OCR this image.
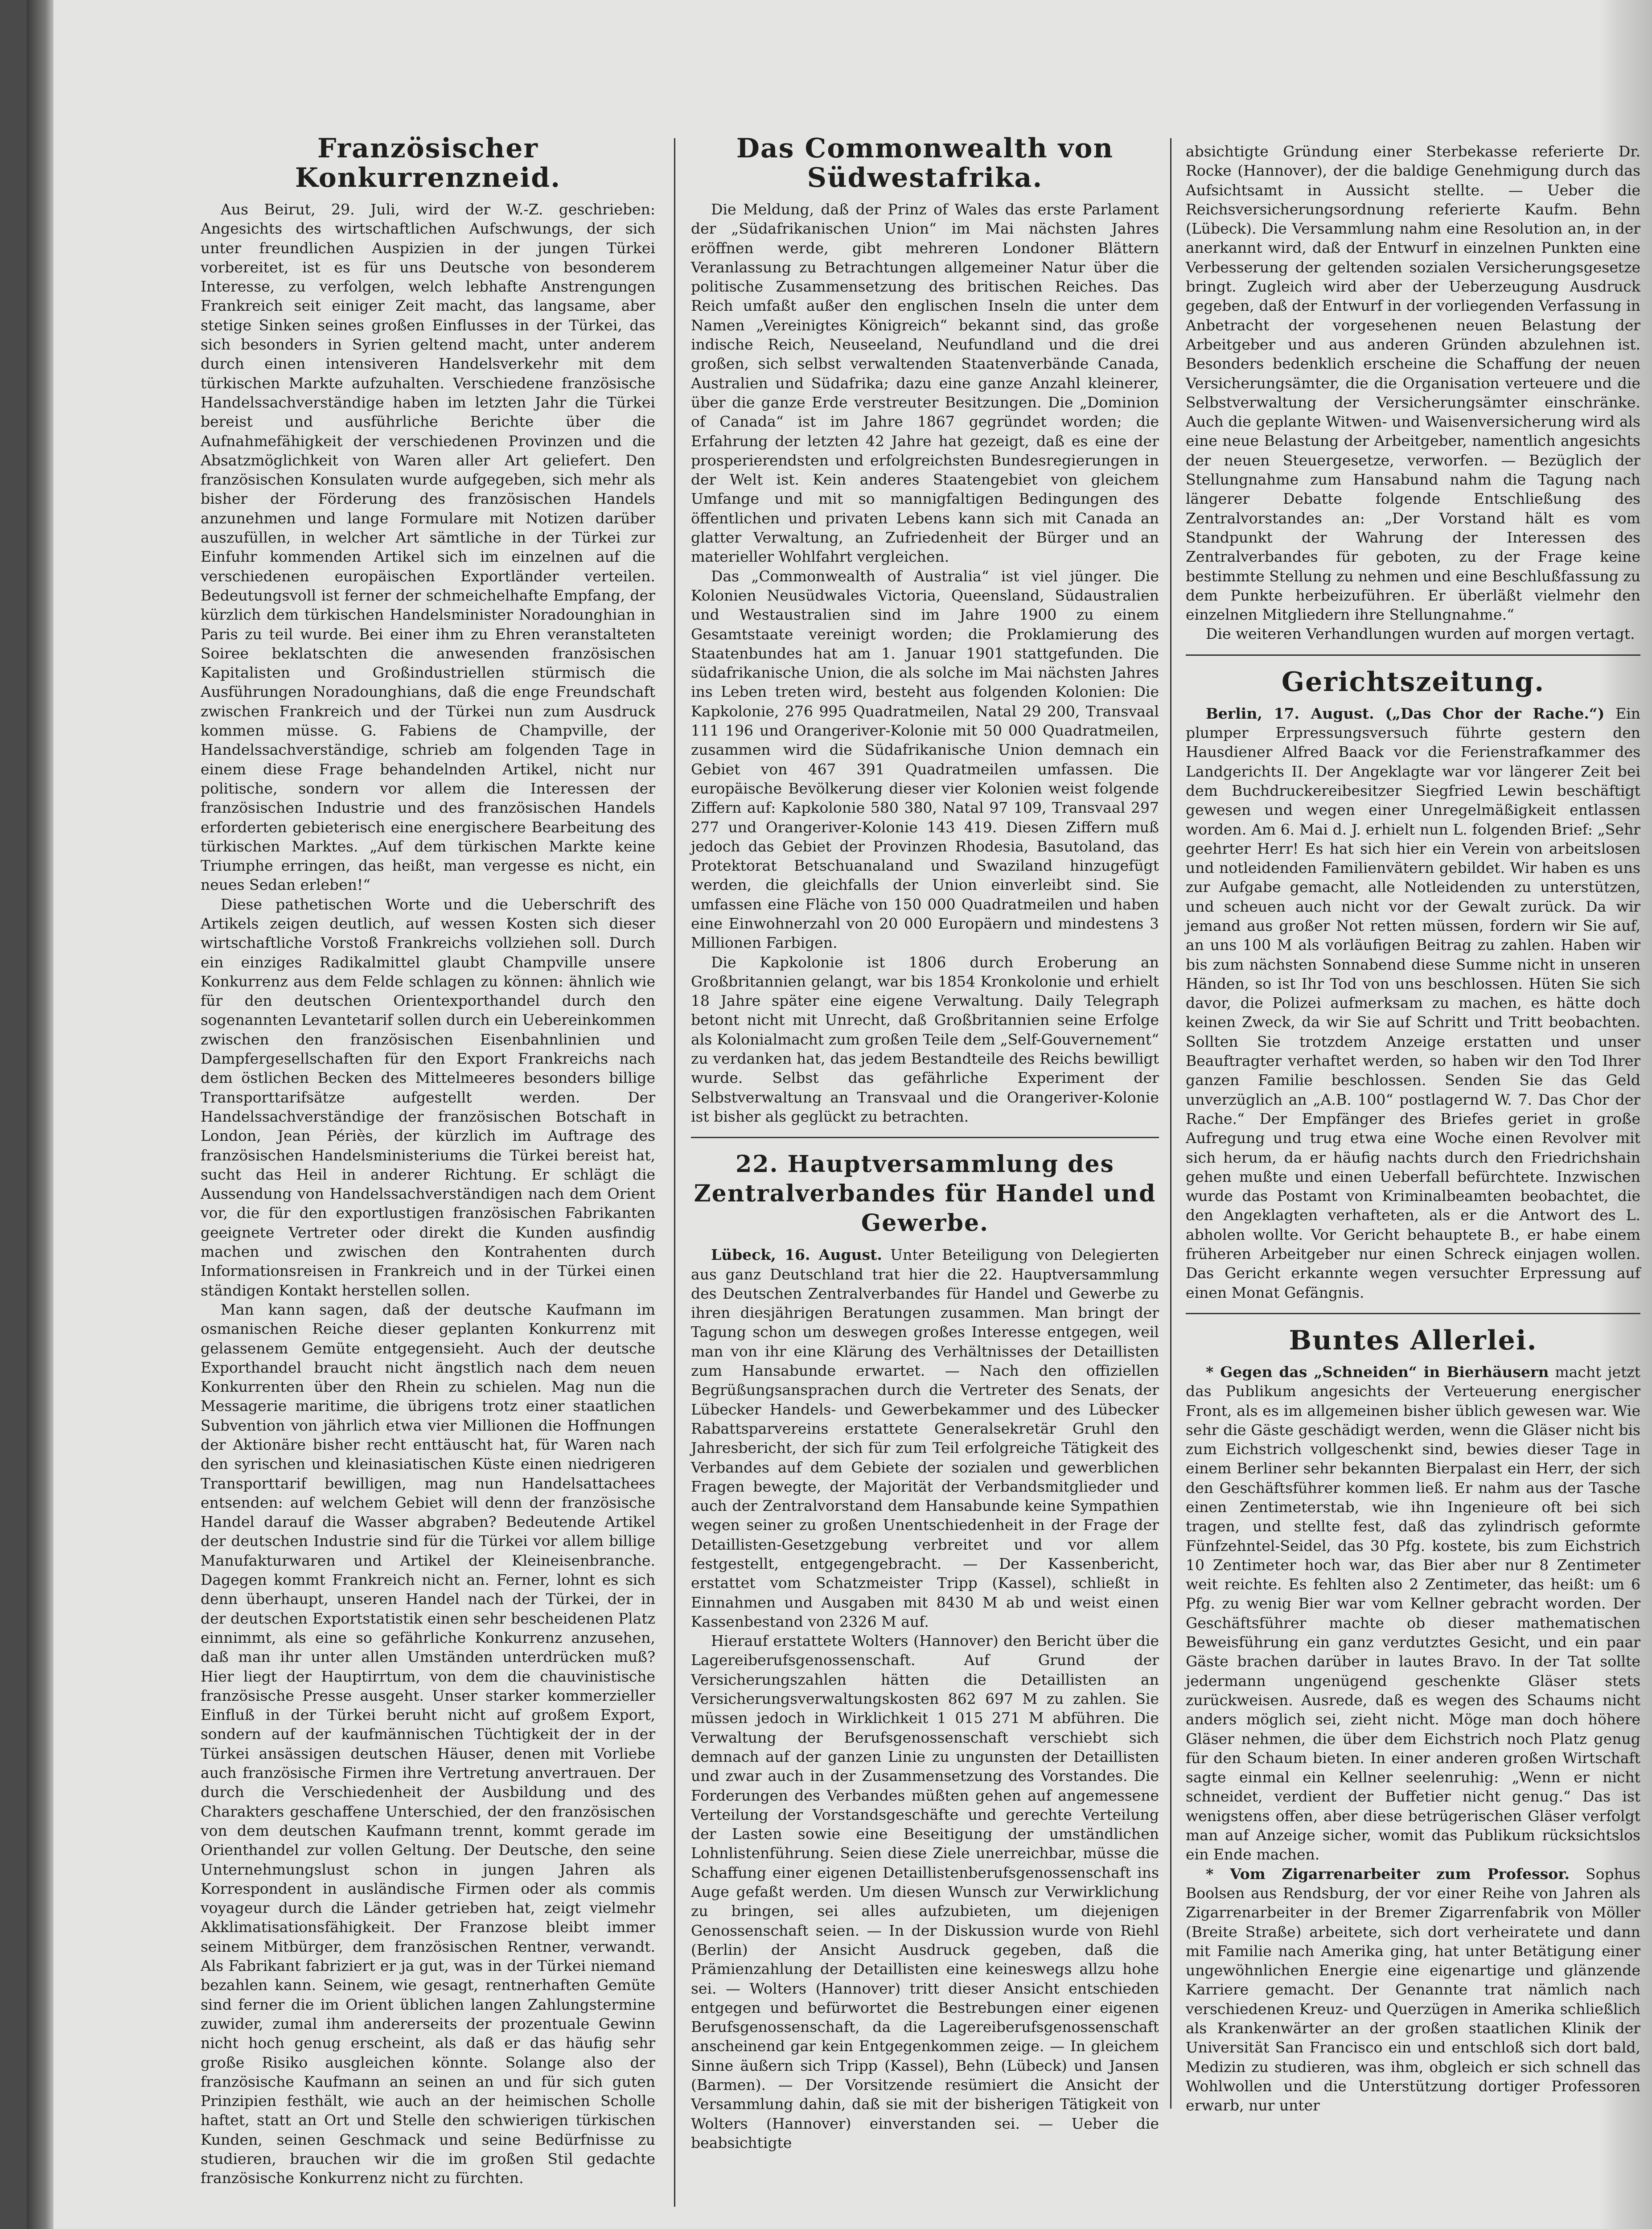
Französischer Konkurrenzneid.

Aus Beirut, 29. Juli, wird der W.-Z. geschrieben: Angesichts des wirtschaftlichen Aufschwungs, der sich unter freundlichen Auspizien in der jungen Türkei vorbereitet, ist es für uns Deutsche von besonderem Interesse, zu verfolgen, welch lebhafte Anstrengungen Frankreich seit einiger Zeit macht, das langsame, aber stetige Sinken seines großen Einflusses in der Türkei, das sich besonders in Syrien geltend macht, unter anderem durch einen intensiveren Handelsverkehr mit dem türkischen Markte aufzuhalten. Verschiedene französische Handelssachverständige haben im letzten Jahr die Türkei bereist und ausführliche Berichte über die Aufnahmefähigkeit der verschiedenen Provinzen und die Absatzmöglichkeit von Waren aller Art geliefert. Den französischen Konsulaten wurde aufgegeben, sich mehr als bisher der Förderung des französischen Handels anzunehmen und lange Formulare mit Notizen darüber auszufüllen, in welcher Art sämtliche in der Türkei zur Einfuhr kommenden Artikel sich im einzelnen auf die verschiedenen europäischen Exportländer verteilen. Bedeutungsvoll ist ferner der schmeichelhafte Empfang, der kürzlich dem türkischen Handelsminister Noradounghian in Paris zu teil wurde. Bei einer ihm zu Ehren veranstalteten Soiree beklatschten die anwesenden französischen Kapitalisten und Großindustriellen stürmisch die Ausführungen Noradounghians, daß die enge Freundschaft zwischen Frankreich und der Türkei nun zum Ausdruck kommen müsse. G. Fabiens de Champville, der Handelssachverständige, schrieb am folgenden Tage in einem diese Frage behandelnden Artikel, nicht nur politische, sondern vor allem die Interessen der französischen Industrie und des französischen Handels erforderten gebieterisch eine energischere Bearbeitung des türkischen Marktes. „Auf dem türkischen Markte keine Triumphe erringen, das heißt, man vergesse es nicht, ein neues Sedan erleben!“

Diese pathetischen Worte und die Ueberschrift des Artikels zeigen deutlich, auf wessen Kosten sich dieser wirtschaftliche Vorstoß Frankreichs vollziehen soll. Durch ein einziges Radikalmittel glaubt Champville unsere Konkurrenz aus dem Felde schlagen zu können: ähnlich wie für den deutschen Orientexporthandel durch den sogenannten Levantetarif sollen durch ein Uebereinkommen zwischen den französischen Eisenbahnlinien und Dampfergesellschaften für den Export Frankreichs nach dem östlichen Becken des Mittelmeeres besonders billige Transporttarifsätze aufgestellt werden. Der Handelssachverständige der französischen Botschaft in London, Jean Périès, der kürzlich im Auftrage des französischen Handelsministeriums die Türkei bereist hat, sucht das Heil in anderer Richtung. Er schlägt die Aussendung von Handelssachverständigen nach dem Orient vor, die für den exportlustigen französischen Fabrikanten geeignete Vertreter oder direkt die Kunden ausfindig machen und zwischen den Kontrahenten durch Informationsreisen in Frankreich und in der Türkei einen ständigen Kontakt herstellen sollen.

Man kann sagen, daß der deutsche Kaufmann im osmanischen Reiche dieser geplanten Konkurrenz mit gelassenem Gemüte entgegensieht. Auch der deutsche Exporthandel braucht nicht ängstlich nach dem neuen Konkurrenten über den Rhein zu schielen. Mag nun die Messagerie maritime, die übrigens trotz einer staatlichen Subvention von jährlich etwa vier Millionen die Hoffnungen der Aktionäre bisher recht enttäuscht hat, für Waren nach den syrischen und kleinasiatischen Küste einen niedrigeren Transporttarif bewilligen, mag nun Handelsattachees entsenden: auf welchem Gebiet will denn der französische Handel darauf die Wasser abgraben? Bedeutende Artikel der deutschen Industrie sind für die Türkei vor allem billige Manufakturwaren und Artikel der Kleineisenbranche. Dagegen kommt Frankreich nicht an. Ferner, lohnt es sich denn überhaupt, unseren Handel nach der Türkei, der in der deutschen Exportstatistik einen sehr bescheidenen Platz einnimmt, als eine so gefährliche Konkurrenz anzusehen, daß man ihr unter allen Umständen unterdrücken muß? Hier liegt der Hauptirrtum, von dem die chauvinistische französische Presse ausgeht. Unser starker kommerzieller Einfluß in der Türkei beruht nicht auf großem Export, sondern auf der kaufmännischen Tüchtigkeit der in der Türkei ansässigen deutschen Häuser, denen mit Vorliebe auch französische Firmen ihre Vertretung anvertrauen. Der durch die Verschiedenheit der Ausbildung und des Charakters geschaffene Unterschied, der den französischen von dem deutschen Kaufmann trennt, kommt gerade im Orienthandel zur vollen Geltung. Der Deutsche, den seine Unternehmungslust schon in jungen Jahren als Korrespondent in ausländische Firmen oder als commis voyageur durch die Länder getrieben hat, zeigt vielmehr Akklimatisationsfähigkeit. Der Franzose bleibt immer seinem Mitbürger, dem französischen Rentner, verwandt. Als Fabrikant fabriziert er ja gut, was in der Türkei niemand bezahlen kann. Seinem, wie gesagt, rentnerhaften Gemüte sind ferner die im Orient üblichen langen Zahlungstermine zuwider, zumal ihm andererseits der prozentuale Gewinn nicht hoch genug erscheint, als daß er das häufig sehr große Risiko ausgleichen könnte. Solange also der französische Kaufmann an seinen an und für sich guten Prinzipien festhält, wie auch an der heimischen Scholle haftet, statt an Ort und Stelle den schwierigen türkischen Kunden, seinen Geschmack und seine Bedürfnisse zu studieren, brauchen wir die im großen Stil gedachte französische Konkurrenz nicht zu fürchten.

Das Commonwealth von Südwestafrika.

Die Meldung, daß der Prinz of Wales das erste Parlament der „Südafrikanischen Union“ im Mai nächsten Jahres eröffnen werde, gibt mehreren Londoner Blättern Veranlassung zu Betrachtungen allgemeiner Natur über die politische Zusammensetzung des britischen Reiches. Das Reich umfaßt außer den englischen Inseln die unter dem Namen „Vereinigtes Königreich“ bekannt sind, das große indische Reich, Neuseeland, Neufundland und die drei großen, sich selbst verwaltenden Staatenverbände Canada, Australien und Südafrika; dazu eine ganze Anzahl kleinerer, über die ganze Erde verstreuter Besitzungen. Die „Dominion of Canada“ ist im Jahre 1867 gegründet worden; die Erfahrung der letzten 42 Jahre hat gezeigt, daß es eine der prosperierendsten und erfolgreichsten Bundesregierungen in der Welt ist. Kein anderes Staatengebiet von gleichem Umfange und mit so mannigfaltigen Bedingungen des öffentlichen und privaten Lebens kann sich mit Canada an glatter Verwaltung, an Zufriedenheit der Bürger und an materieller Wohlfahrt vergleichen.

Das „Commonwealth of Australia“ ist viel jünger. Die Kolonien Neusüdwales Victoria, Queensland, Südaustralien und Westaustralien sind im Jahre 1900 zu einem Gesamtstaate vereinigt worden; die Proklamierung des Staatenbundes hat am 1. Januar 1901 stattgefunden. Die südafrikanische Union, die als solche im Mai nächsten Jahres ins Leben treten wird, besteht aus folgenden Kolonien: Die Kapkolonie, 276 995 Quadratmeilen, Natal 29 200, Transvaal 111 196 und Orangeriver-Kolonie mit 50 000 Quadratmeilen, zusammen wird die Südafrikanische Union demnach ein Gebiet von 467 391 Quadratmeilen umfassen. Die europäische Bevölkerung dieser vier Kolonien weist folgende Ziffern auf: Kapkolonie 580 380, Natal 97 109, Transvaal 297 277 und Orangeriver-Kolonie 143 419. Diesen Ziffern muß jedoch das Gebiet der Provinzen Rhodesia, Basutoland, das Protektorat Betschuanaland und Swaziland hinzugefügt werden, die gleichfalls der Union einverleibt sind. Sie umfassen eine Fläche von 150 000 Quadratmeilen und haben eine Einwohnerzahl von 20 000 Europäern und mindestens 3 Millionen Farbigen.

Die Kapkolonie ist 1806 durch Eroberung an Großbritannien gelangt, war bis 1854 Kronkolonie und erhielt 18 Jahre später eine eigene Verwaltung. Daily Telegraph betont nicht mit Unrecht, daß Großbritannien seine Erfolge als Kolonialmacht zum großen Teile dem „Self-Gouvernement“ zu verdanken hat, das jedem Bestandteile des Reichs bewilligt wurde. Selbst das gefährliche Experiment der Selbstverwaltung an Transvaal und die Orangeriver-Kolonie ist bisher als geglückt zu betrachten.

22. Hauptversammlung des Zentralverbandes für Handel und Gewerbe.

Lübeck, 16. August. Unter Beteiligung von Delegierten aus ganz Deutschland trat hier die 22. Hauptversammlung des Deutschen Zentralverbandes für Handel und Gewerbe zu ihren diesjährigen Beratungen zusammen. Man bringt der Tagung schon um deswegen großes Interesse entgegen, weil man von ihr eine Klärung des Verhältnisses der Detaillisten zum Hansabunde erwartet. — Nach den offiziellen Begrüßungsansprachen durch die Vertreter des Senats, der Lübecker Handels- und Gewerbekammer und des Lübecker Rabattsparvereins erstattete Generalsekretär Gruhl den Jahresbericht, der sich für zum Teil erfolgreiche Tätigkeit des Verbandes auf dem Gebiete der sozialen und gewerblichen Fragen bewegte, der Majorität der Verbandsmitglieder und auch der Zentralvorstand dem Hansabunde keine Sympathien wegen seiner zu großen Unentschiedenheit in der Frage der Detaillisten-Gesetzgebung verbreitet und vor allem festgestellt, entgegengebracht. — Der Kassenbericht, erstattet vom Schatzmeister Tripp (Kassel), schließt in Einnahmen und Ausgaben mit 8430 M ab und weist einen Kassenbestand von 2326 M auf.

Hierauf erstattete Wolters (Hannover) den Bericht über die Lagereiberufsgenossenschaft. Auf Grund der Versicherungszahlen hätten die Detaillisten an Versicherungsverwaltungskosten 862 697 M zu zahlen. Sie müssen jedoch in Wirklichkeit 1 015 271 M abführen. Die Verwaltung der Berufsgenossenschaft verschiebt sich demnach auf der ganzen Linie zu ungunsten der Detaillisten und zwar auch in der Zusammensetzung des Vorstandes. Die Forderungen des Verbandes müßten gehen auf angemessene Verteilung der Vorstandsgeschäfte und gerechte Verteilung der Lasten sowie eine Beseitigung der umständlichen Lohnlistenführung. Seien diese Ziele unerreichbar, müsse die Schaffung einer eigenen Detaillistenberufsgenossenschaft ins Auge gefaßt werden. Um diesen Wunsch zur Verwirklichung zu bringen, sei alles aufzubieten, um diejenigen Genossenschaft seien. — In der Diskussion wurde von Riehl (Berlin) der Ansicht Ausdruck gegeben, daß die Prämienzahlung der Detaillisten eine keineswegs allzu hohe sei. — Wolters (Hannover) tritt dieser Ansicht entschieden entgegen und befürwortet die Bestrebungen einer eigenen Berufsgenossenschaft, da die Lagereiberufsgenossenschaft anscheinend gar kein Entgegenkommen zeige. — In gleichem Sinne äußern sich Tripp (Kassel), Behn (Lübeck) und Jansen (Barmen). — Der Vorsitzende resümiert die Ansicht der Versammlung dahin, daß sie mit der bisherigen Tätigkeit von Wolters (Hannover) einverstanden sei. — Ueber die beabsichtigte

absichtigte Gründung einer Sterbekasse referierte Dr. Rocke (Hannover), der die baldige Genehmigung durch das Aufsichtsamt in Aussicht stellte. — Ueber die Reichsversicherungsordnung referierte Kaufm. Behn (Lübeck). Die Versammlung nahm eine Resolution an, in der anerkannt wird, daß der Entwurf in einzelnen Punkten eine Verbesserung der geltenden sozialen Versicherungsgesetze bringt. Zugleich wird aber der Ueberzeugung Ausdruck gegeben, daß der Entwurf in der vorliegenden Verfassung in Anbetracht der vorgesehenen neuen Belastung der Arbeitgeber und aus anderen Gründen abzulehnen ist. Besonders bedenklich erscheine die Schaffung der neuen Versicherungsämter, die die Organisation verteuere und die Selbstverwaltung der Versicherungsämter einschränke. Auch die geplante Witwen- und Waisenversicherung wird als eine neue Belastung der Arbeitgeber, namentlich angesichts der neuen Steuergesetze, verworfen. — Bezüglich der Stellungnahme zum Hansabund nahm die Tagung nach längerer Debatte folgende Entschließung des Zentralvorstandes an: „Der Vorstand hält es vom Standpunkt der Wahrung der Interessen des Zentralverbandes für geboten, zu der Frage keine bestimmte Stellung zu nehmen und eine Beschlußfassung zu dem Punkte herbeizuführen. Er überläßt vielmehr den einzelnen Mitgliedern ihre Stellungnahme.“

Die weiteren Verhandlungen wurden auf morgen vertagt.

Gerichtszeitung.

Berlin, 17. August. („Das Chor der Rache.“) Ein plumper Erpressungsversuch führte gestern den Hausdiener Alfred Baack vor die Ferienstrafkammer des Landgerichts II. Der Angeklagte war vor längerer Zeit bei dem Buchdruckereibesitzer Siegfried Lewin beschäftigt gewesen und wegen einer Unregelmäßigkeit entlassen worden. Am 6. Mai d. J. erhielt nun L. folgenden Brief: „Sehr geehrter Herr! Es hat sich hier ein Verein von arbeitslosen und notleidenden Familienvätern gebildet. Wir haben es uns zur Aufgabe gemacht, alle Notleidenden zu unterstützen, und scheuen auch nicht vor der Gewalt zurück. Da wir jemand aus großer Not retten müssen, fordern wir Sie auf, an uns 100 M als vorläufigen Beitrag zu zahlen. Haben wir bis zum nächsten Sonnabend diese Summe nicht in unseren Händen, so ist Ihr Tod von uns beschlossen. Hüten Sie sich davor, die Polizei aufmerksam zu machen, es hätte doch keinen Zweck, da wir Sie auf Schritt und Tritt beobachten. Sollten Sie trotzdem Anzeige erstatten und unser Beauftragter verhaftet werden, so haben wir den Tod Ihrer ganzen Familie beschlossen. Senden Sie das Geld unverzüglich an „A.B. 100“ postlagernd W. 7. Das Chor der Rache.“ Der Empfänger des Briefes geriet in große Aufregung und trug etwa eine Woche einen Revolver mit sich herum, da er häufig nachts durch den Friedrichshain gehen mußte und einen Ueberfall befürchtete. Inzwischen wurde das Postamt von Kriminalbeamten beobachtet, die den Angeklagten verhafteten, als er die Antwort des L. abholen wollte. Vor Gericht behauptete B., er habe einem früheren Arbeitgeber nur einen Schreck einjagen wollen. Das Gericht erkannte wegen versuchter Erpressung auf einen Monat Gefängnis.

Buntes Allerlei.

* Gegen das „Schneiden“ in Bierhäusern macht jetzt das Publikum angesichts der Verteuerung energischer Front, als es im allgemeinen bisher üblich gewesen war. Wie sehr die Gäste geschädigt werden, wenn die Gläser nicht bis zum Eichstrich vollgeschenkt sind, bewies dieser Tage in einem Berliner sehr bekannten Bierpalast ein Herr, der sich den Geschäftsführer kommen ließ. Er nahm aus der Tasche einen Zentimeterstab, wie ihn Ingenieure oft bei sich tragen, und stellte fest, daß das zylindrisch geformte Fünfzehntel-Seidel, das 30 Pfg. kostete, bis zum Eichstrich 10 Zentimeter hoch war, das Bier aber nur 8 Zentimeter weit reichte. Es fehlten also 2 Zentimeter, das heißt: um 6 Pfg. zu wenig Bier war vom Kellner gebracht worden. Der Geschäftsführer machte ob dieser mathematischen Beweisführung ein ganz verdutztes Gesicht, und ein paar Gäste brachen darüber in lautes Bravo. In der Tat sollte jedermann ungenügend geschenkte Gläser stets zurückweisen. Ausrede, daß es wegen des Schaums nicht anders möglich sei, zieht nicht. Möge man doch höhere Gläser nehmen, die über dem Eichstrich noch Platz genug für den Schaum bieten. In einer anderen großen Wirtschaft sagte einmal ein Kellner seelenruhig: „Wenn er nicht schneidet, verdient der Buffetier nicht genug.“ Das ist wenigstens offen, aber diese betrügerischen Gläser verfolgt man auf Anzeige sicher, womit das Publikum rücksichtslos ein Ende machen.

* Vom Zigarrenarbeiter zum Professor. Sophus Boolsen aus Rendsburg, der vor einer Reihe von Jahren als Zigarrenarbeiter in der Bremer Zigarrenfabrik von Möller (Breite Straße) arbeitete, sich dort verheiratete und dann mit Familie nach Amerika ging, hat unter Betätigung einer ungewöhnlichen Energie eine eigenartige und glänzende Karriere gemacht. Der Genannte trat nämlich nach verschiedenen Kreuz- und Querzügen in Amerika schließlich als Krankenwärter an der großen staatlichen Klinik der Universität San Francisco ein und entschloß sich dort bald, Medizin zu studieren, was ihm, obgleich er sich schnell das Wohlwollen und die Unterstützung dortiger Professoren erwarb, nur unter
